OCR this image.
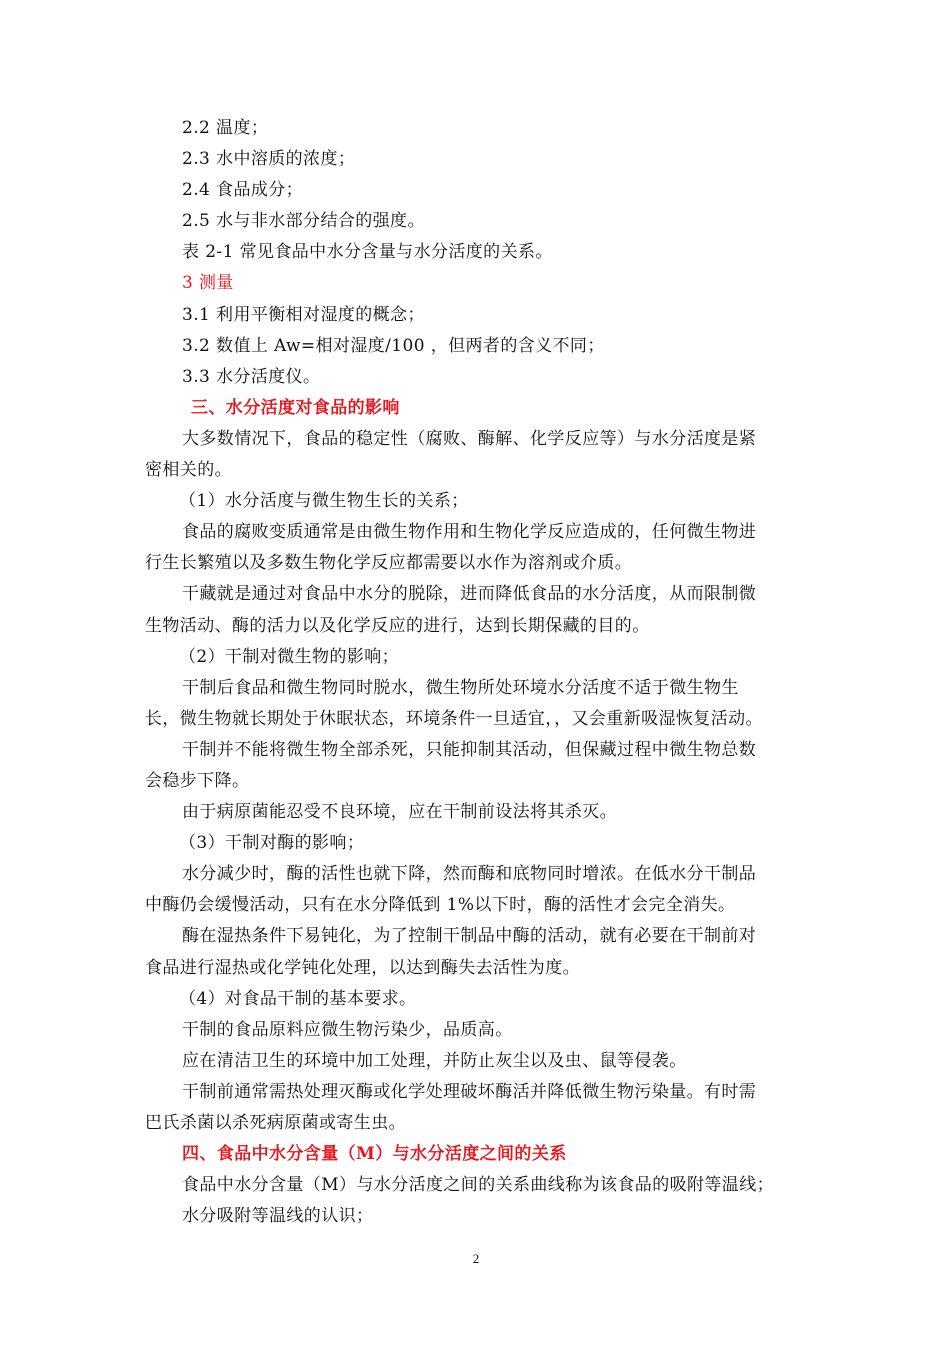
2.2 温度；

2.3 水中溶质的浓度；

2.4 食品成分；

2.5 水与非水部分结合的强度。

表 2-1 常见食品中水分含量与水分活度的关系。

3 测量

3.1 利用平衡相对湿度的概念；

3.2 数值上 Aw=相对湿度/100 ，但两者的含义不同；

3.3 水分活度仪。

三、水分活度对食品的影响

大多数情况下，食品的稳定性（腐败、酶解、化学反应等）与水分活度是紧

密相关的。

（1）水分活度与微生物生长的关系；

食品的腐败变质通常是由微生物作用和生物化学反应造成的，任何微生物进

行生长繁殖以及多数生物化学反应都需要以水作为溶剂或介质。

干藏就是通过对食品中水分的脱除，进而降低食品的水分活度，从而限制微

生物活动、酶的活力以及化学反应的进行，达到长期保藏的目的。

（2）干制对微生物的影响；

干制后食品和微生物同时脱水，微生物所处环境水分活度不适于微生物生

长，微生物就长期处于休眠状态，环境条件一旦适宜，，又会重新吸湿恢复活动。

干制并不能将微生物全部杀死，只能抑制其活动，但保藏过程中微生物总数

会稳步下降。

由于病原菌能忍受不良环境，应在干制前设法将其杀灭。

（3）干制对酶的影响；

水分减少时，酶的活性也就下降，然而酶和底物同时增浓。在低水分干制品

中酶仍会缓慢活动，只有在水分降低到 1%以下时，酶的活性才会完全消失。

酶在湿热条件下易钝化，为了控制干制品中酶的活动，就有必要在干制前对

食品进行湿热或化学钝化处理，以达到酶失去活性为度。

（4）对食品干制的基本要求。

干制的食品原料应微生物污染少，品质高。

应在清洁卫生的环境中加工处理，并防止灰尘以及虫、鼠等侵袭。

干制前通常需热处理灭酶或化学处理破坏酶活并降低微生物污染量。有时需

巴氏杀菌以杀死病原菌或寄生虫。

四、食品中水分含量（M）与水分活度之间的关系

食品中水分含量（M）与水分活度之间的关系曲线称为该食品的吸附等温线；

水分吸附等温线的认识；

2
